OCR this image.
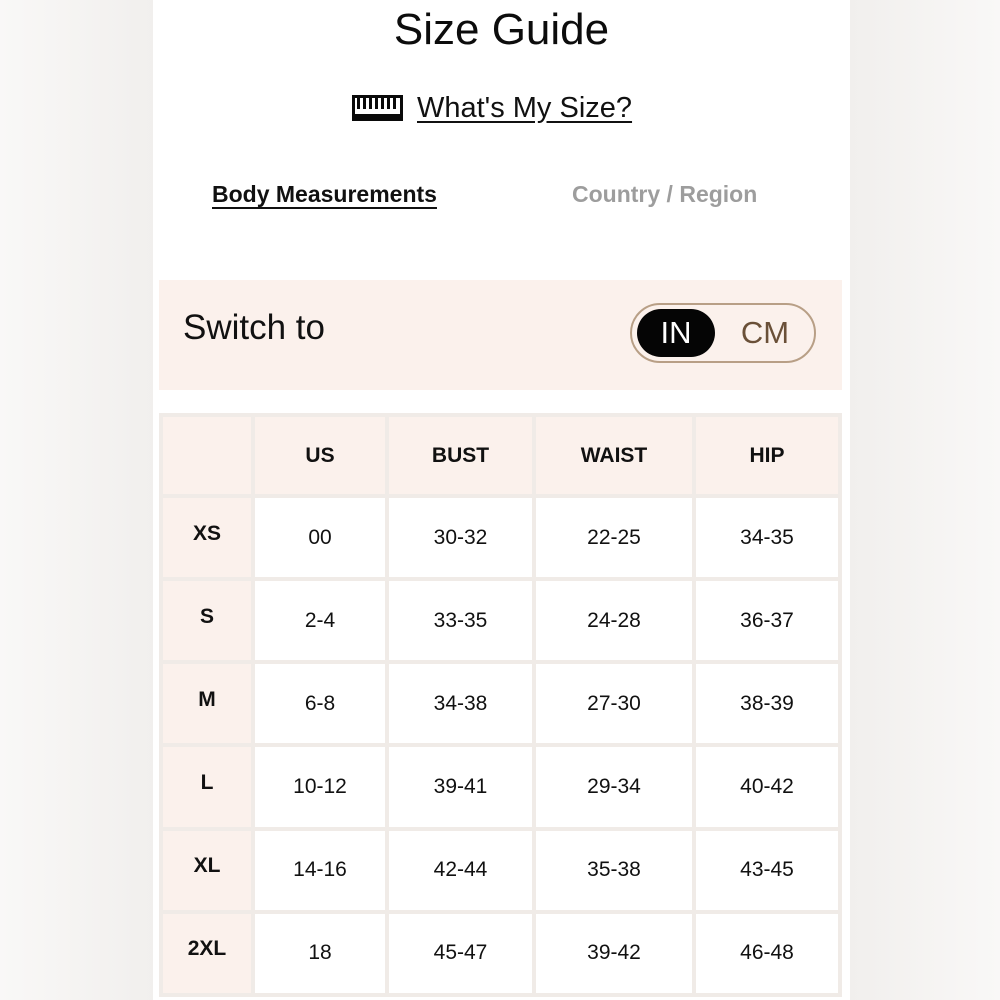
Size Guide
What's My Size?
Body Measurements	Country / Region
Switch to	IN	CM
	US	BUST	WAIST	HIP
XS	00	30-32	22-25	34-35
S	2-4	33-35	24-28	36-37
M	6-8	34-38	27-30	38-39
L	10-12	39-41	29-34	40-42
XL	14-16	42-44	35-38	43-45
2XL	18	45-47	39-42	46-48
